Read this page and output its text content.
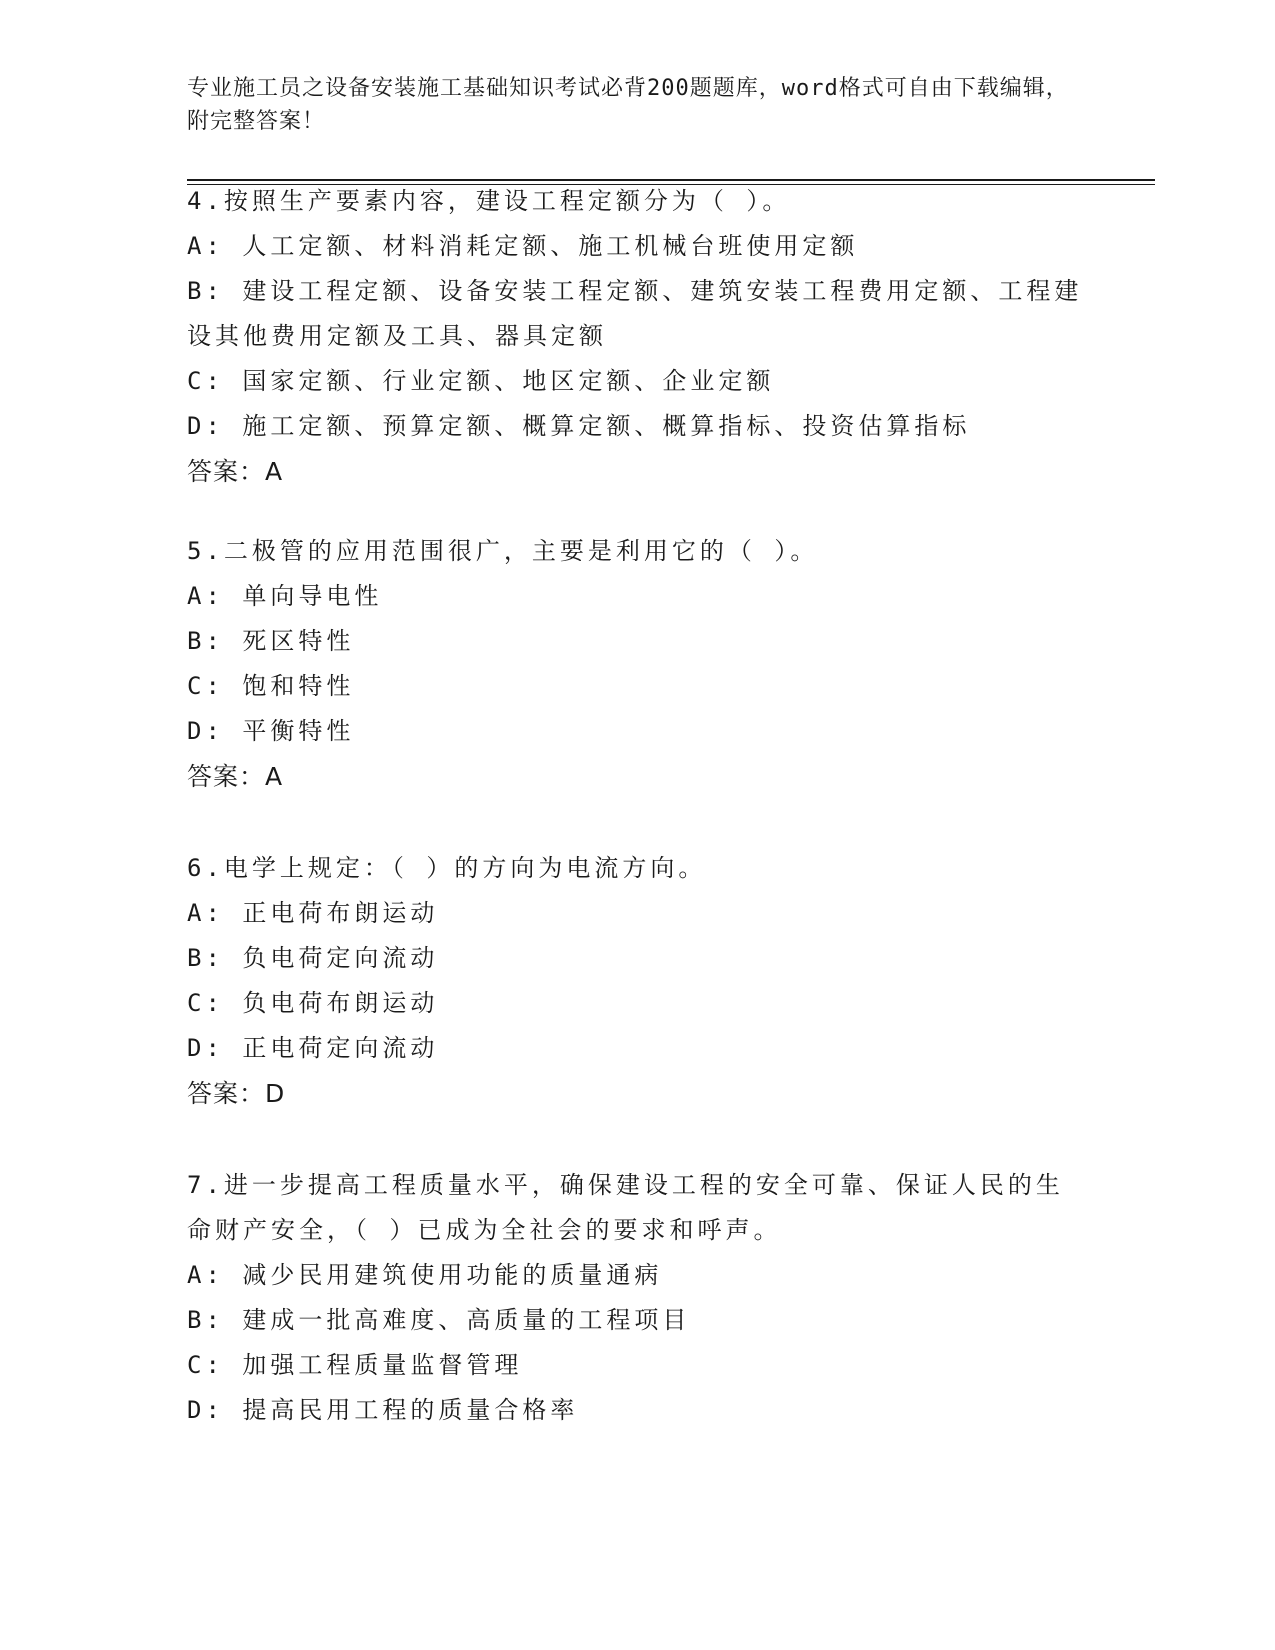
专业施工员之设备安装施工基础知识考试必背200题题库，word格式可自由下载编辑，附完整答案！
4.按照生产要素内容，建设工程定额分为（ ）。
A: 人工定额、材料消耗定额、施工机械台班使用定额
B: 建设工程定额、设备安装工程定额、建筑安装工程费用定额、工程建设其他费用定额及工具、器具定额
C: 国家定额、行业定额、地区定额、企业定额
D: 施工定额、预算定额、概算定额、概算指标、投资估算指标
答案：A
5.二极管的应用范围很广，主要是利用它的（ ）。
A: 单向导电性
B: 死区特性
C: 饱和特性
D: 平衡特性
答案：A
6.电学上规定：（ ）的方向为电流方向。
A: 正电荷布朗运动
B: 负电荷定向流动
C: 负电荷布朗运动
D: 正电荷定向流动
答案：D
7.进一步提高工程质量水平，确保建设工程的安全可靠、保证人民的生命财产安全，（ ）已成为全社会的要求和呼声。
A: 减少民用建筑使用功能的质量通病
B: 建成一批高难度、高质量的工程项目
C: 加强工程质量监督管理
D: 提高民用工程的质量合格率
